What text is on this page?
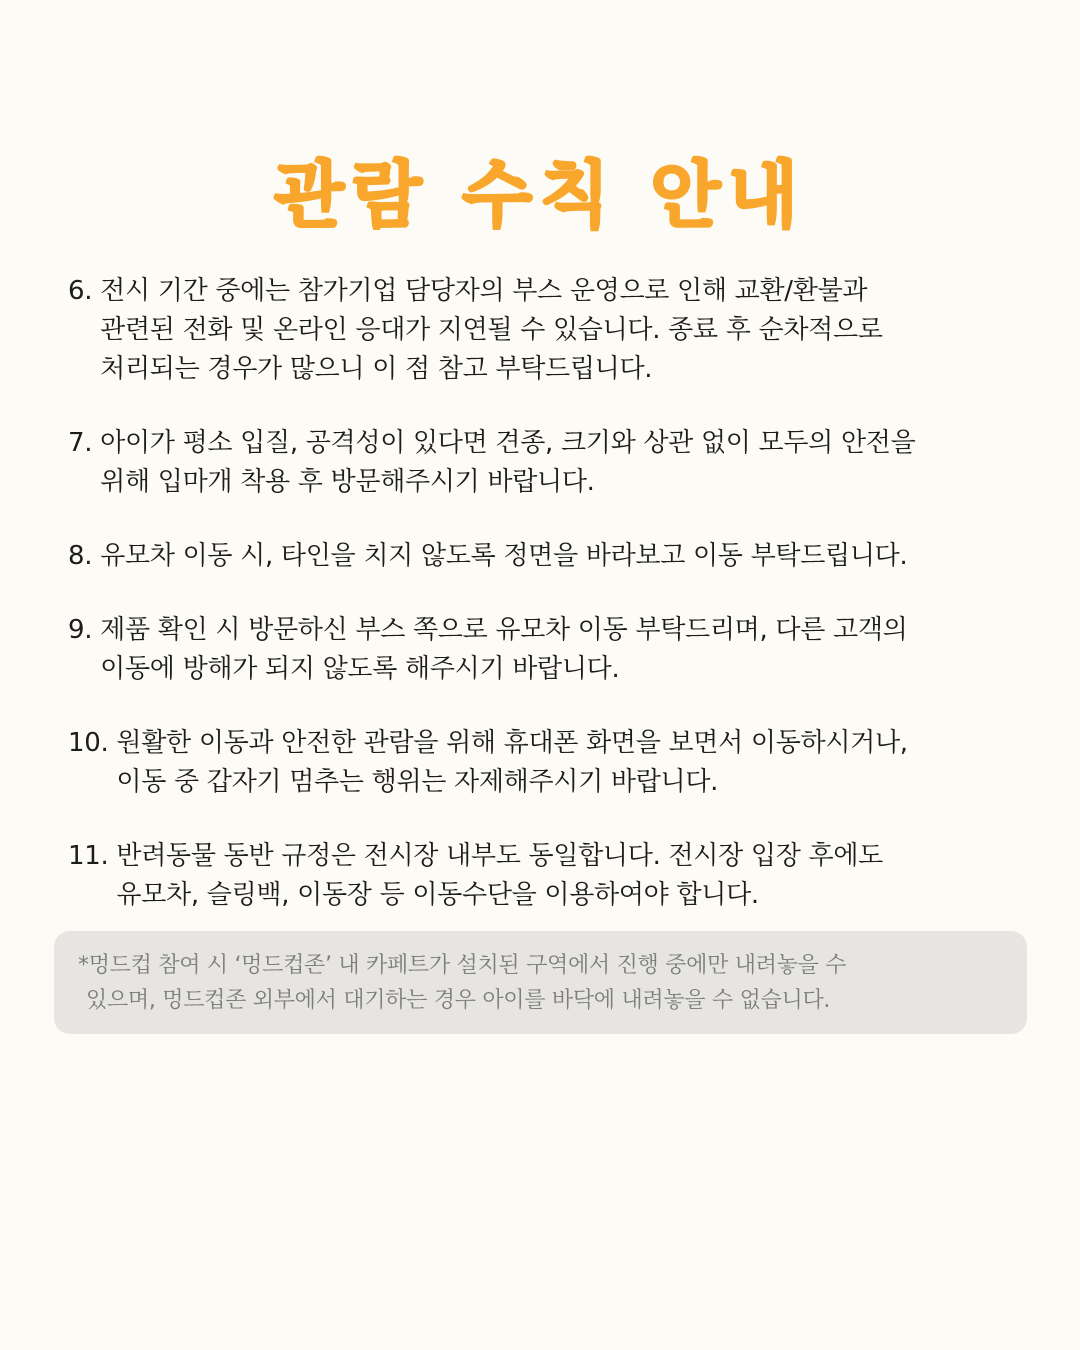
관람 수칙 안내
6. 전시 기간 중에는 참가기업 담당자의 부스 운영으로 인해 교환/환불과
관련된 전화 및 온라인 응대가 지연될 수 있습니다. 종료 후 순차적으로
처리되는 경우가 많으니 이 점 참고 부탁드립니다.
7. 아이가 평소 입질, 공격성이 있다면 견종, 크기와 상관 없이 모두의 안전을
위해 입마개 착용 후 방문해주시기 바랍니다.
8. 유모차 이동 시, 타인을 치지 않도록 정면을 바라보고 이동 부탁드립니다.
9. 제품 확인 시 방문하신 부스 쪽으로 유모차 이동 부탁드리며, 다른 고객의
이동에 방해가 되지 않도록 해주시기 바랍니다.
10. 원활한 이동과 안전한 관람을 위해 휴대폰 화면을 보면서 이동하시거나,
이동 중 갑자기 멈추는 행위는 자제해주시기 바랍니다.
11. 반려동물 동반 규정은 전시장 내부도 동일합니다. 전시장 입장 후에도
유모차, 슬링백, 이동장 등 이동수단을 이용하여야 합니다.
*멍드컵 참여 시 ‘멍드컵존’ 내 카페트가 설치된 구역에서 진행 중에만 내려놓을 수
있으며, 멍드컵존 외부에서 대기하는 경우 아이를 바닥에 내려놓을 수 없습니다.
